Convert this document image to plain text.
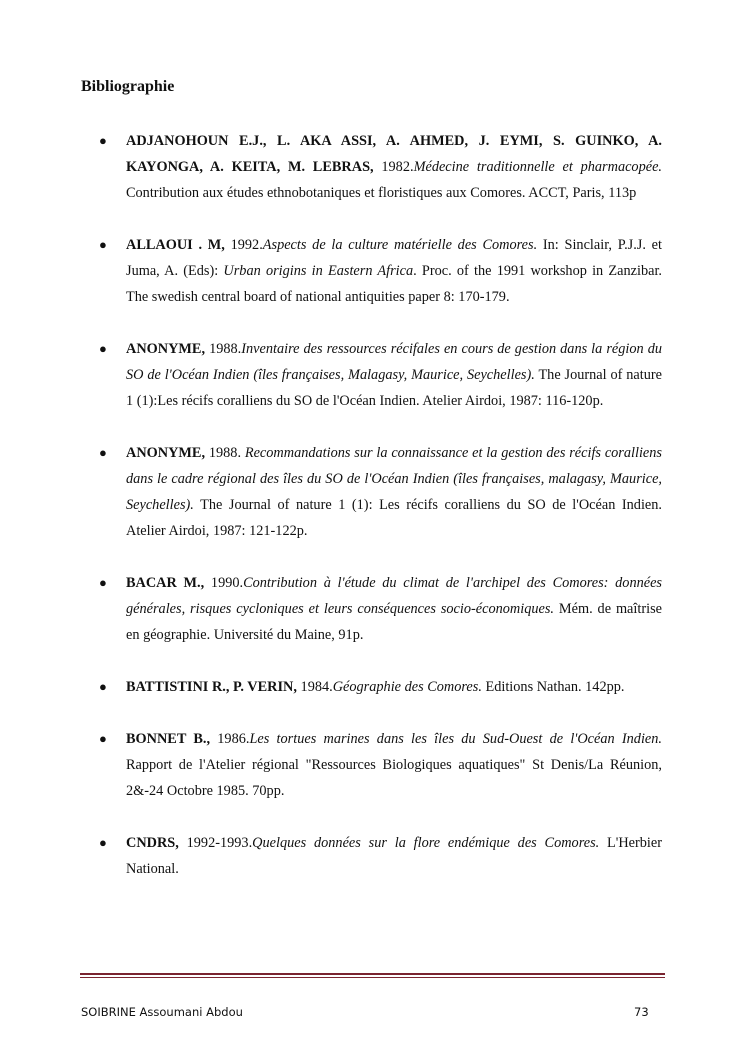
Bibliographie
● ADJANOHOUN E.J., L. AKA ASSI, A. AHMED, J. EYMI, S. GUINKO, A. KAYONGA, A. KEITA, M. LEBRAS, 1982.Médecine traditionnelle et pharmacopée. Contribution aux études ethnobotaniques et floristiques aux Comores. ACCT, Paris, 113p
● ALLAOUI . M, 1992.Aspects de la culture matérielle des Comores. In: Sinclair, P.J.J. et Juma, A. (Eds): Urban origins in Eastern Africa. Proc. of the 1991 workshop in Zanzibar. The swedish central board of national antiquities paper 8: 170-179.
● ANONYME, 1988.Inventaire des ressources récifales en cours de gestion dans la région du SO de l'Océan Indien (îles françaises, Malagasy, Maurice, Seychelles). The Journal of nature 1 (1):Les récifs coralliens du SO de l'Océan Indien. Atelier Airdoi, 1987: 116-120p.
● ANONYME, 1988. Recommandations sur la connaissance et la gestion des récifs coralliens dans le cadre régional des îles du SO de l'Océan Indien (îles françaises, malagasy, Maurice, Seychelles). The Journal of nature 1 (1): Les récifs coralliens du SO de l'Océan Indien. Atelier Airdoi, 1987: 121-122p.
● BACAR M., 1990.Contribution à l'étude du climat de l'archipel des Comores: données générales, risques cycloniques et leurs conséquences socio-économiques. Mém. de maîtrise en géographie. Université du Maine, 91p.
● BATTISTINI R., P. VERIN, 1984.Géographie des Comores. Editions Nathan. 142pp.
● BONNET B., 1986.Les tortues marines dans les îles du Sud-Ouest de l'Océan Indien. Rapport de l'Atelier régional "Ressources Biologiques aquatiques" St Denis/La Réunion, 2&-24 Octobre 1985. 70pp.
● CNDRS, 1992-1993.Quelques données sur la flore endémique des Comores. L'Herbier National.
SOIBRINE Assoumani Abdou	73
